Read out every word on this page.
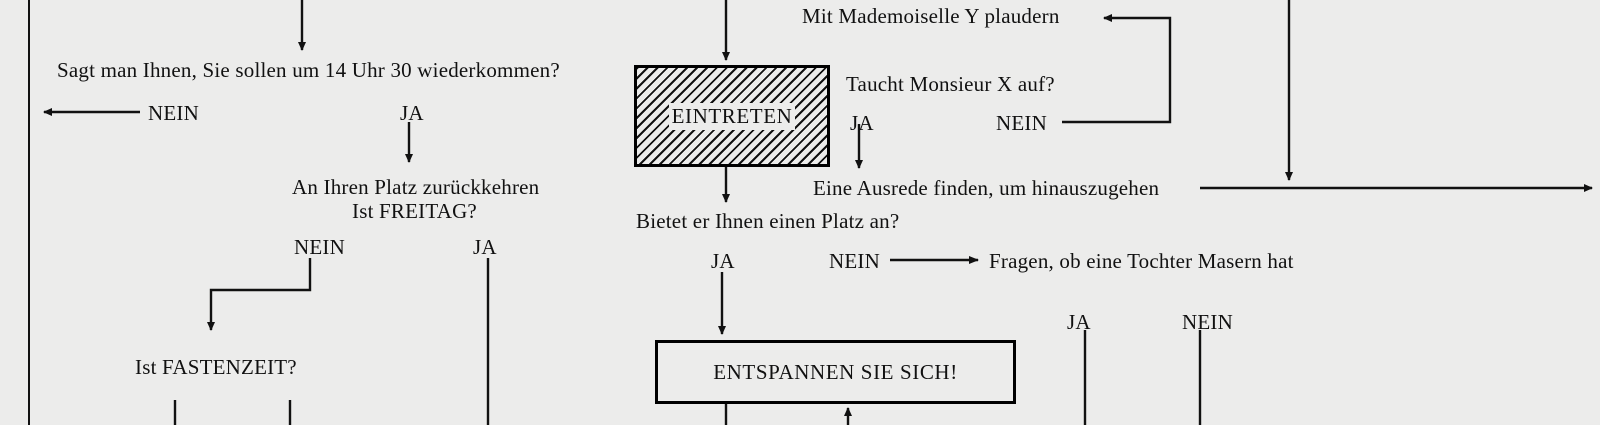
Sagt man Ihnen, Sie sollen um 14 Uhr 30 wiederkommen?
NEIN	JA
An Ihren Platz zurückkehren
Ist FREITAG?
NEIN	JA
Ist FASTENZEIT?
EINTRETEN
Bietet er Ihnen einen Platz an?
JA	NEIN	Fragen, ob eine Tochter Masern hat
Mit Mademoiselle Y plaudern
Taucht Monsieur X auf?
JA	NEIN
Eine Ausrede finden, um hinauszugehen
JA	NEIN
ENTSPANNEN SIE SICH!
